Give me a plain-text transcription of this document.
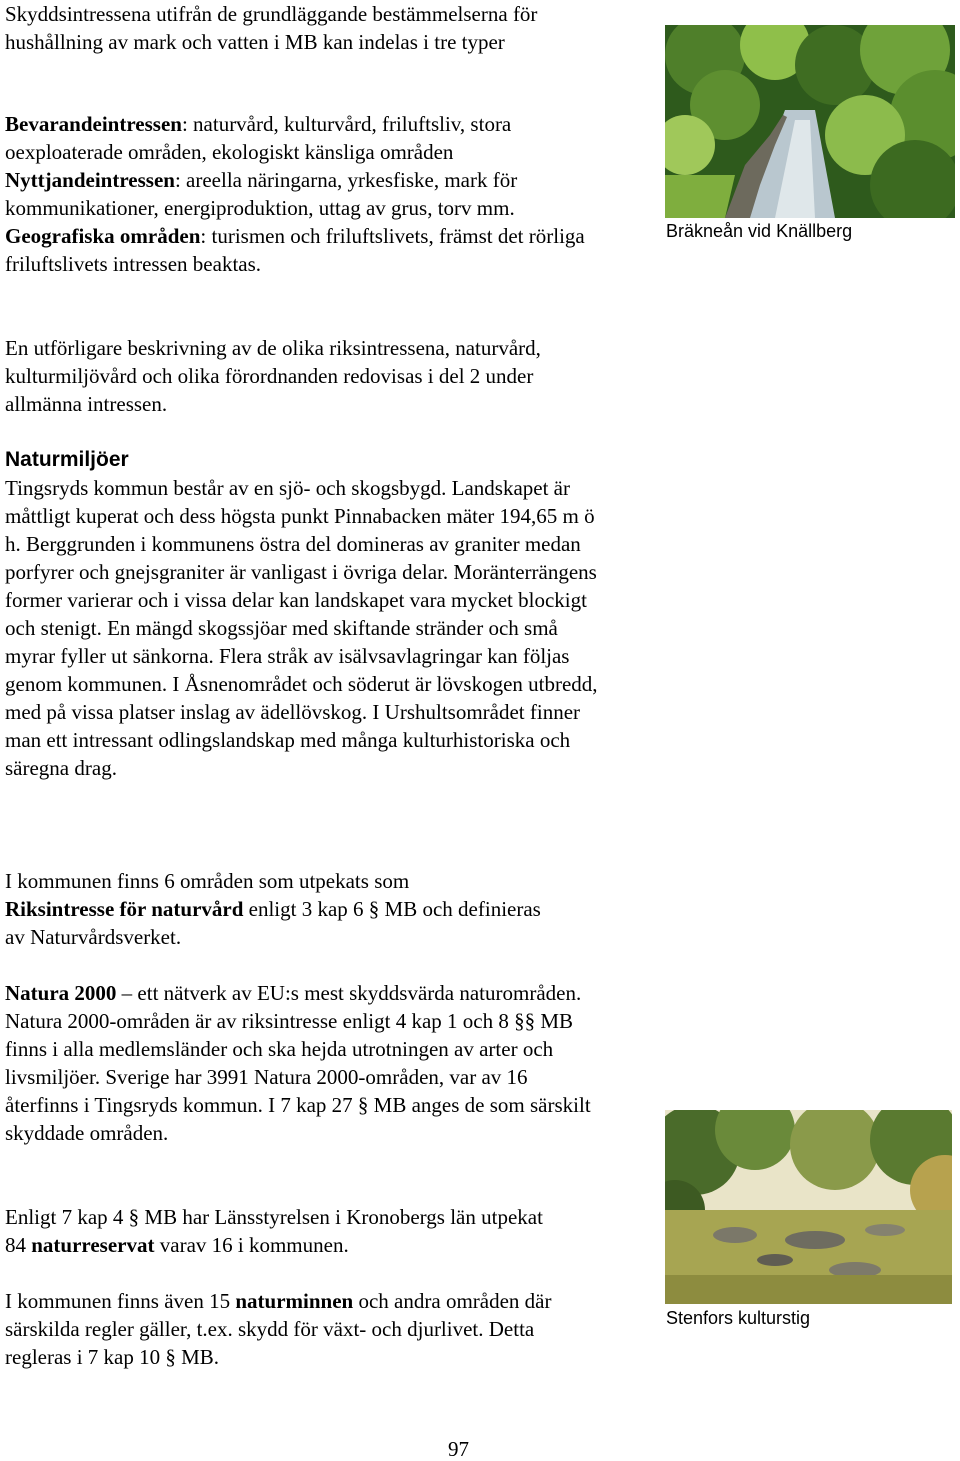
Skyddsintressena utifrån de grundläggande bestämmelserna för hushållning av mark och vatten i MB kan indelas i tre typer

Bevarandeintressen: naturvård, kulturvård, friluftsliv, stora oexploaterade områden, ekologiskt känsliga områden
Nyttjandeintressen: areella näringarna, yrkesfiske, mark för kommunikationer, energiproduktion, uttag av grus, torv mm.
Geografiska områden: turismen och friluftslivets, främst det rörliga friluftslivets intressen beaktas.

En utförligare beskrivning av de olika riksintressena, naturvård, kulturmiljövård och olika förordnanden redovisas i del 2 under allmänna intressen.

Naturmiljöer

Tingsryds kommun består av en sjö- och skogsbygd. Landskapet är måttligt kuperat och dess högsta punkt Pinnabacken mäter 194,65 m ö h. Berggrunden i kommunens östra del domineras av graniter medan porfyrer och gnejsgraniter är vanligast i övriga delar. Moränterrängens former varierar och i vissa delar kan landskapet vara mycket blockigt och stenigt. En mängd skogssjöar med skiftande stränder och små myrar fyller ut sänkorna. Flera stråk av isälvsavlagringar kan följas genom kommunen. I Åsnenområdet och söderut är lövskogen utbredd, med på vissa platser inslag av ädellövskog. I Urshultsområdet finner man ett intressant odlingslandskap med många kulturhistoriska och säregna drag.

I kommunen finns 6 områden som utpekats som
Riksintresse för naturvård enligt 3 kap 6 § MB och definieras av Naturvårdsverket.

Natura 2000 – ett nätverk av EU:s mest skyddsvärda naturområden. Natura 2000-områden är av riksintresse enligt 4 kap 1 och 8 §§ MB finns i alla medlemsländer och ska hejda utrotningen av arter och livsmiljöer. Sverige har 3991 Natura 2000-områden, var av 16 återfinns i Tingsryds kommun. I 7 kap 27 § MB anges de som särskilt skyddade områden.

Enligt 7 kap 4 § MB har Länsstyrelsen i Kronobergs län utpekat 84 naturreservat varav 16 i kommunen.

I kommunen finns även 15 naturminnen och andra områden där särskilda regler gäller, t.ex. skydd för växt- och djurlivet. Detta regleras i 7 kap 10 § MB.

Bräkneån vid Knällberg
Stenfors kulturstig
97
